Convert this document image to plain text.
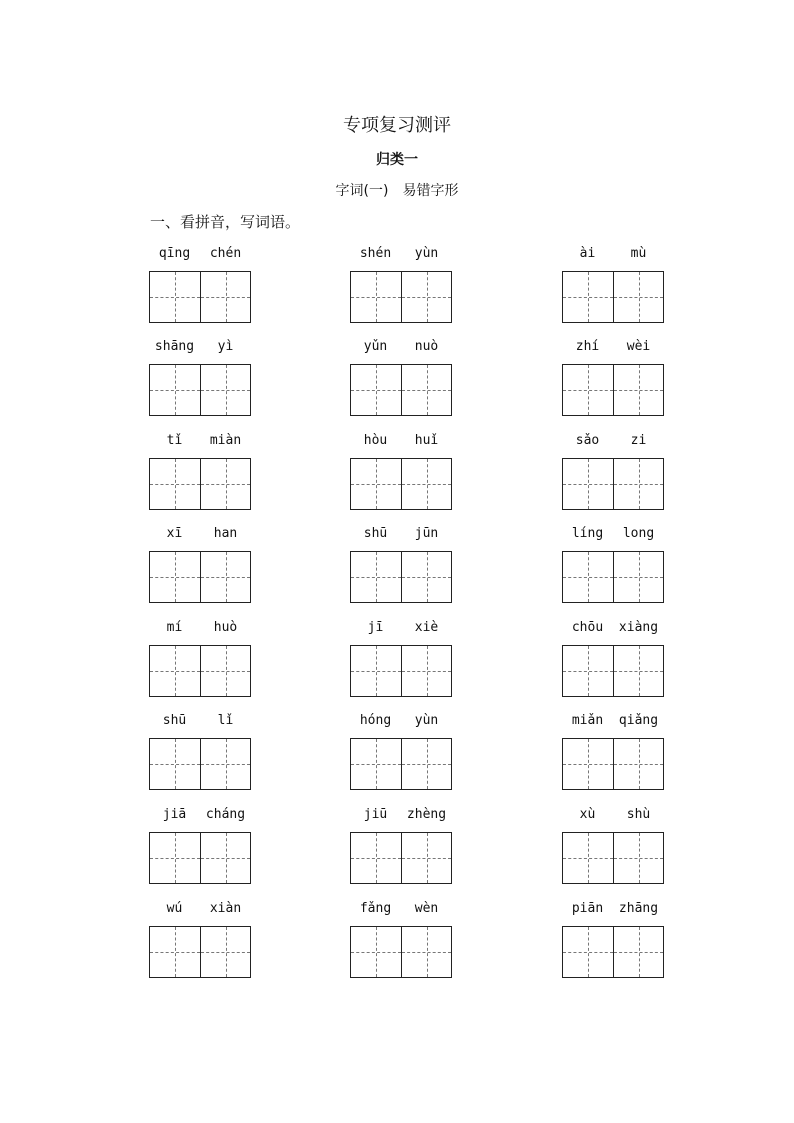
专项复习测评
归类一
字词(一) 易错字形
一、看拼音，写词语。
qīng	chén	shén	yùn	ài	mù
shāng	yì	yǔn	nuò	zhí	wèi
tǐ	miàn	hòu	huǐ	sǎo	zi
xī	han	shū	jūn	líng	long
mí	huò	jī	xiè	chōu	xiàng
shū	lǐ	hóng	yùn	miǎn	qiǎng
jiā	cháng	jiū	zhèng	xù	shù
wú	xiàn	fǎng	wèn	piān	zhāng
